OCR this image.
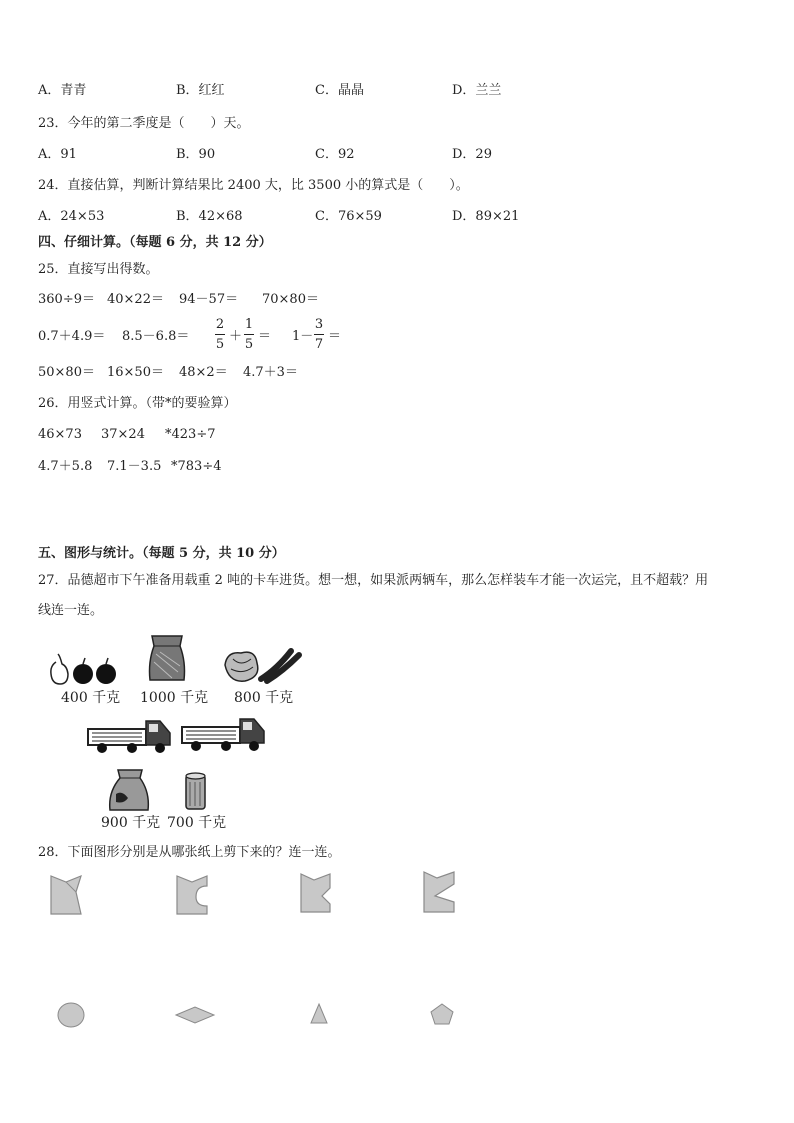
A．青青	B．红红	C．晶晶	D．兰兰
23．今年的第二季度是（　　）天。
A．91	B．90	C．92	D．29
24．直接估算，判断计算结果比 2400 大，比 3500 小的算式是（　　）。
A．24×53	B．42×68	C．76×59	D．89×21
四、仔细计算。（每题 6 分，共 12 分）
25．直接写出得数。
360÷9＝ 40×22＝ 94－57＝ 70×80＝
0.7＋4.9＝ 8.5－6.8＝
2
5
＋
1
5
＝ 1－
3
7
＝
50×80＝ 16×50＝ 48×2＝ 4.7＋3＝
26．用竖式计算。（带*的要验算）
46×73 37×24 *423÷7
4.7＋5.8 7.1－3.5 *783÷4
五、图形与统计。（每题 5 分，共 10 分）
27．品德超市下午准备用载重 2 吨的卡车进货。想一想，如果派两辆车，那么怎样装车才能一次运完，且不超载？用
线连一连。
400 千克 1000 千克 800 千克
900 千克 700 千克
28．下面图形分别是从哪张纸上剪下来的？连一连。
